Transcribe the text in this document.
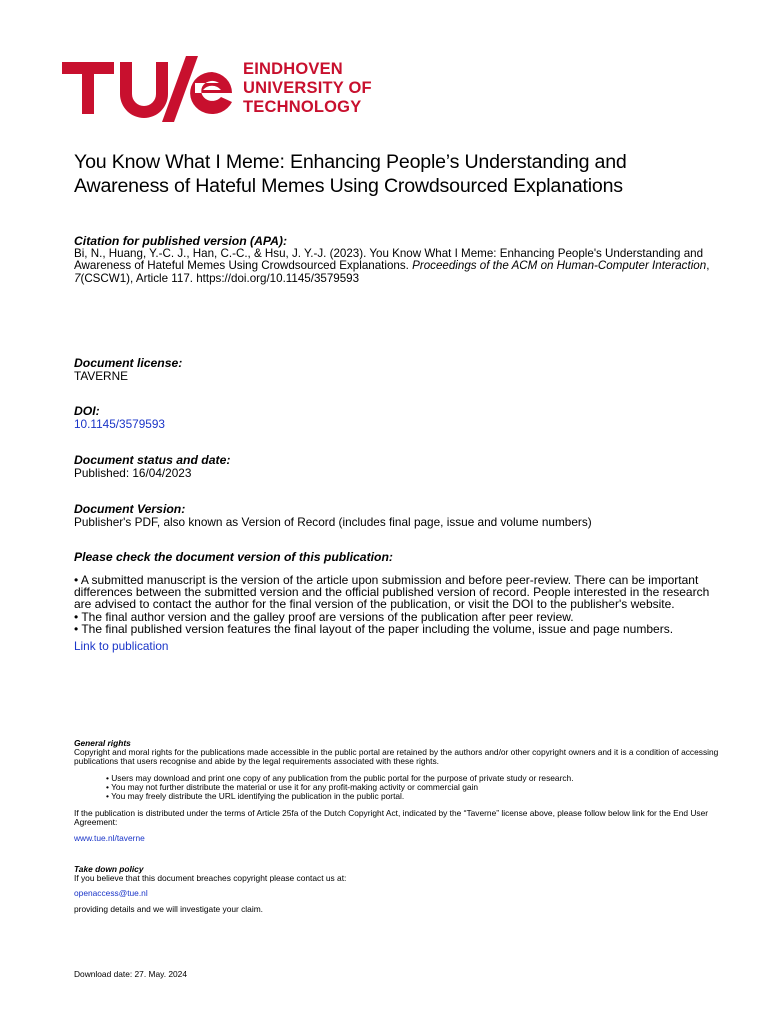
EINDHOVEN
UNIVERSITY OF
TECHNOLOGY
You Know What I Meme: Enhancing People’s Understanding and Awareness of Hateful Memes Using Crowdsourced Explanations
Citation for published version (APA):
Bi, N., Huang, Y.-C. J., Han, C.-C., & Hsu, J. Y.-J. (2023). You Know What I Meme: Enhancing People's Understanding and Awareness of Hateful Memes Using Crowdsourced Explanations. Proceedings of the ACM on Human-Computer Interaction, 7(CSCW1), Article 117. https://doi.org/10.1145/3579593
Document license:
TAVERNE
DOI:
10.1145/3579593
Document status and date:
Published: 16/04/2023
Document Version:
Publisher's PDF, also known as Version of Record (includes final page, issue and volume numbers)
Please check the document version of this publication:
• A submitted manuscript is the version of the article upon submission and before peer-review. There can be important differences between the submitted version and the official published version of record. People interested in the research are advised to contact the author for the final version of the publication, or visit the DOI to the publisher's website.
• The final author version and the galley proof are versions of the publication after peer review.
• The final published version features the final layout of the paper including the volume, issue and page numbers.
Link to publication
General rights
Copyright and moral rights for the publications made accessible in the public portal are retained by the authors and/or other copyright owners and it is a condition of accessing publications that users recognise and abide by the legal requirements associated with these rights.
• Users may download and print one copy of any publication from the public portal for the purpose of private study or research.
• You may not further distribute the material or use it for any profit-making activity or commercial gain
• You may freely distribute the URL identifying the publication in the public portal.
If the publication is distributed under the terms of Article 25fa of the Dutch Copyright Act, indicated by the “Taverne” license above, please follow below link for the End User Agreement:
www.tue.nl/taverne
Take down policy
If you believe that this document breaches copyright please contact us at:
openaccess@tue.nl
providing details and we will investigate your claim.
Download date: 27. May. 2024
